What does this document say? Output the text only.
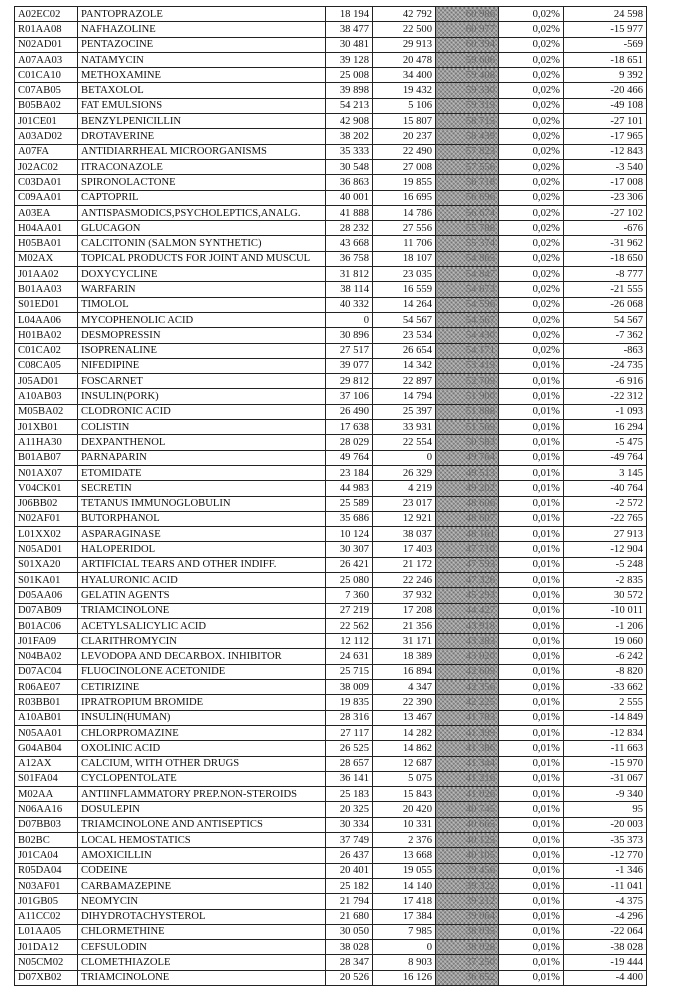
A02EC02	PANTOPRAZOLE	18 194	42 792	60 986	0,02%	24 598
R01AA08	NAFHAZOLINE	38 477	22 500	60 977	0,02%	-15 977
N02AD01	PENTAZOCINE	30 481	29 913	60 394	0,02%	-569
A07AA03	NATAMYCIN	39 128	20 478	59 606	0,02%	-18 651
C01CA10	METHOXAMINE	25 008	34 400	59 408	0,02%	9 392
C07AB05	BETAXOLOL	39 898	19 432	59 330	0,02%	-20 466
B05BA02	FAT EMULSIONS	54 213	5 106	59 319	0,02%	-49 108
J01CE01	BENZYLPENICILLIN	42 908	15 807	58 715	0,02%	-27 101
A03AD02	DROTAVERINE	38 202	20 237	58 439	0,02%	-17 965
A07FA	ANTIDIARRHEAL MICROORGANISMS	35 333	22 490	57 823	0,02%	-12 843
J02AC02	ITRACONAZOLE	30 548	27 008	57 556	0,02%	-3 540
C03DA01	SPIRONOLACTONE	36 863	19 855	56 718	0,02%	-17 008
C09AA01	CAPTOPRIL	40 001	16 695	56 696	0,02%	-23 306
A03EA	ANTISPASMODICS,PSYCHOLEPTICS,ANALG.	41 888	14 786	56 674	0,02%	-27 102
H04AA01	GLUCAGON	28 232	27 556	55 788	0,02%	-676
H05BA01	CALCITONIN (SALMON SYNTHETIC)	43 668	11 706	55 374	0,02%	-31 962
M02AX	TOPICAL PRODUCTS FOR JOINT AND MUSCUL	36 758	18 107	54 865	0,02%	-18 650
J01AA02	DOXYCYCLINE	31 812	23 035	54 847	0,02%	-8 777
B01AA03	WARFARIN	38 114	16 559	54 673	0,02%	-21 555
S01ED01	TIMOLOL	40 332	14 264	54 596	0,02%	-26 068
L04AA06	MYCOPHENOLIC ACID	0	54 567	54 567	0,02%	54 567
H01BA02	DESMOPRESSIN	30 896	23 534	54 430	0,02%	-7 362
C01CA02	ISOPRENALINE	27 517	26 654	54 171	0,02%	-863
C08CA05	NIFEDIPINE	39 077	14 342	53 419	0,01%	-24 735
J05AD01	FOSCARNET	29 812	22 897	52 709	0,01%	-6 916
A10AB03	INSULIN(PORK)	37 106	14 794	51 900	0,01%	-22 312
M05BA02	CLODRONIC ACID	26 490	25 397	51 888	0,01%	-1 093
J01XB01	COLISTIN	17 638	33 931	51 569	0,01%	16 294
A11HA30	DEXPANTHENOL	28 029	22 554	50 583	0,01%	-5 475
B01AB07	PARNAPARIN	49 764	0	49 764	0,01%	-49 764
N01AX07	ETOMIDATE	23 184	26 329	49 513	0,01%	3 145
V04CK01	SECRETIN	44 983	4 219	49 202	0,01%	-40 764
J06BB02	TETANUS IMMUNOGLOBULIN	25 589	23 017	48 606	0,01%	-2 572
N02AF01	BUTORPHANOL	35 686	12 921	48 607	0,01%	-22 765
L01XX02	ASPARAGINASE	10 124	38 037	48 161	0,01%	27 913
N05AD01	HALOPERIDOL	30 307	17 403	47 710	0,01%	-12 904
S01XA20	ARTIFICIAL TEARS AND OTHER INDIFF.	26 421	21 172	47 593	0,01%	-5 248
S01KA01	HYALURONIC ACID	25 080	22 246	47 326	0,01%	-2 835
D05AA06	GELATIN AGENTS	7 360	37 932	45 293	0,01%	30 572
D07AB09	TRIAMCINOLONE	27 219	17 208	44 427	0,01%	-10 011
B01AC06	ACETYLSALICYLIC ACID	22 562	21 356	43 918	0,01%	-1 206
J01FA09	CLARITHROMYCIN	12 112	31 171	43 283	0,01%	19 060
N04BA02	LEVODOPA AND DECARBOX. INHIBITOR	24 631	18 389	43 020	0,01%	-6 242
D07AC04	FLUOCINOLONE ACETONIDE	25 715	16 894	42 609	0,01%	-8 820
R06AE07	CETIRIZINE	38 009	4 347	42 356	0,01%	-33 662
R03BB01	IPRATROPIUM BROMIDE	19 835	22 390	42 225	0,01%	2 555
A10AB01	INSULIN(HUMAN)	28 316	13 467	41 783	0,01%	-14 849
N05AA01	CHLORPROMAZINE	27 117	14 282	41 399	0,01%	-12 834
G04AB04	OXOLINIC ACID	26 525	14 862	41 386	0,01%	-11 663
A12AX	CALCIUM, WITH OTHER DRUGS	28 657	12 687	41 344	0,01%	-15 970
S01FA04	CYCLOPENTOLATE	36 141	5 075	41 216	0,01%	-31 067
M02AA	ANTIINFLAMMATORY PREP.NON-STEROIDS	25 183	15 843	41 026	0,01%	-9 340
N06AA16	DOSULEPIN	20 325	20 420	40 745	0,01%	95
D07BB03	TRIAMCINOLONE AND ANTISEPTICS	30 334	10 331	40 665	0,01%	-20 003
B02BC	LOCAL HEMOSTATICS	37 749	2 376	40 125	0,01%	-35 373
J01CA04	AMOXICILLIN	26 437	13 668	40 105	0,01%	-12 770
R05DA04	CODEINE	20 401	19 055	39 456	0,01%	-1 346
N03AF01	CARBAMAZEPINE	25 182	14 140	39 322	0,01%	-11 041
J01GB05	NEOMYCIN	21 794	17 418	39 212	0,01%	-4 375
A11CC02	DIHYDROTACHYSTEROL	21 680	17 384	39 064	0,01%	-4 296
L01AA05	CHLORMETHINE	30 050	7 985	38 035	0,01%	-22 064
J01DA12	CEFSULODIN	38 028	0	38 028	0,01%	-38 028
N05CM02	CLOMETHIAZOLE	28 347	8 903	37 250	0,01%	-19 444
D07XB02	TRIAMCINOLONE	20 526	16 126	36 652	0,01%	-4 400
